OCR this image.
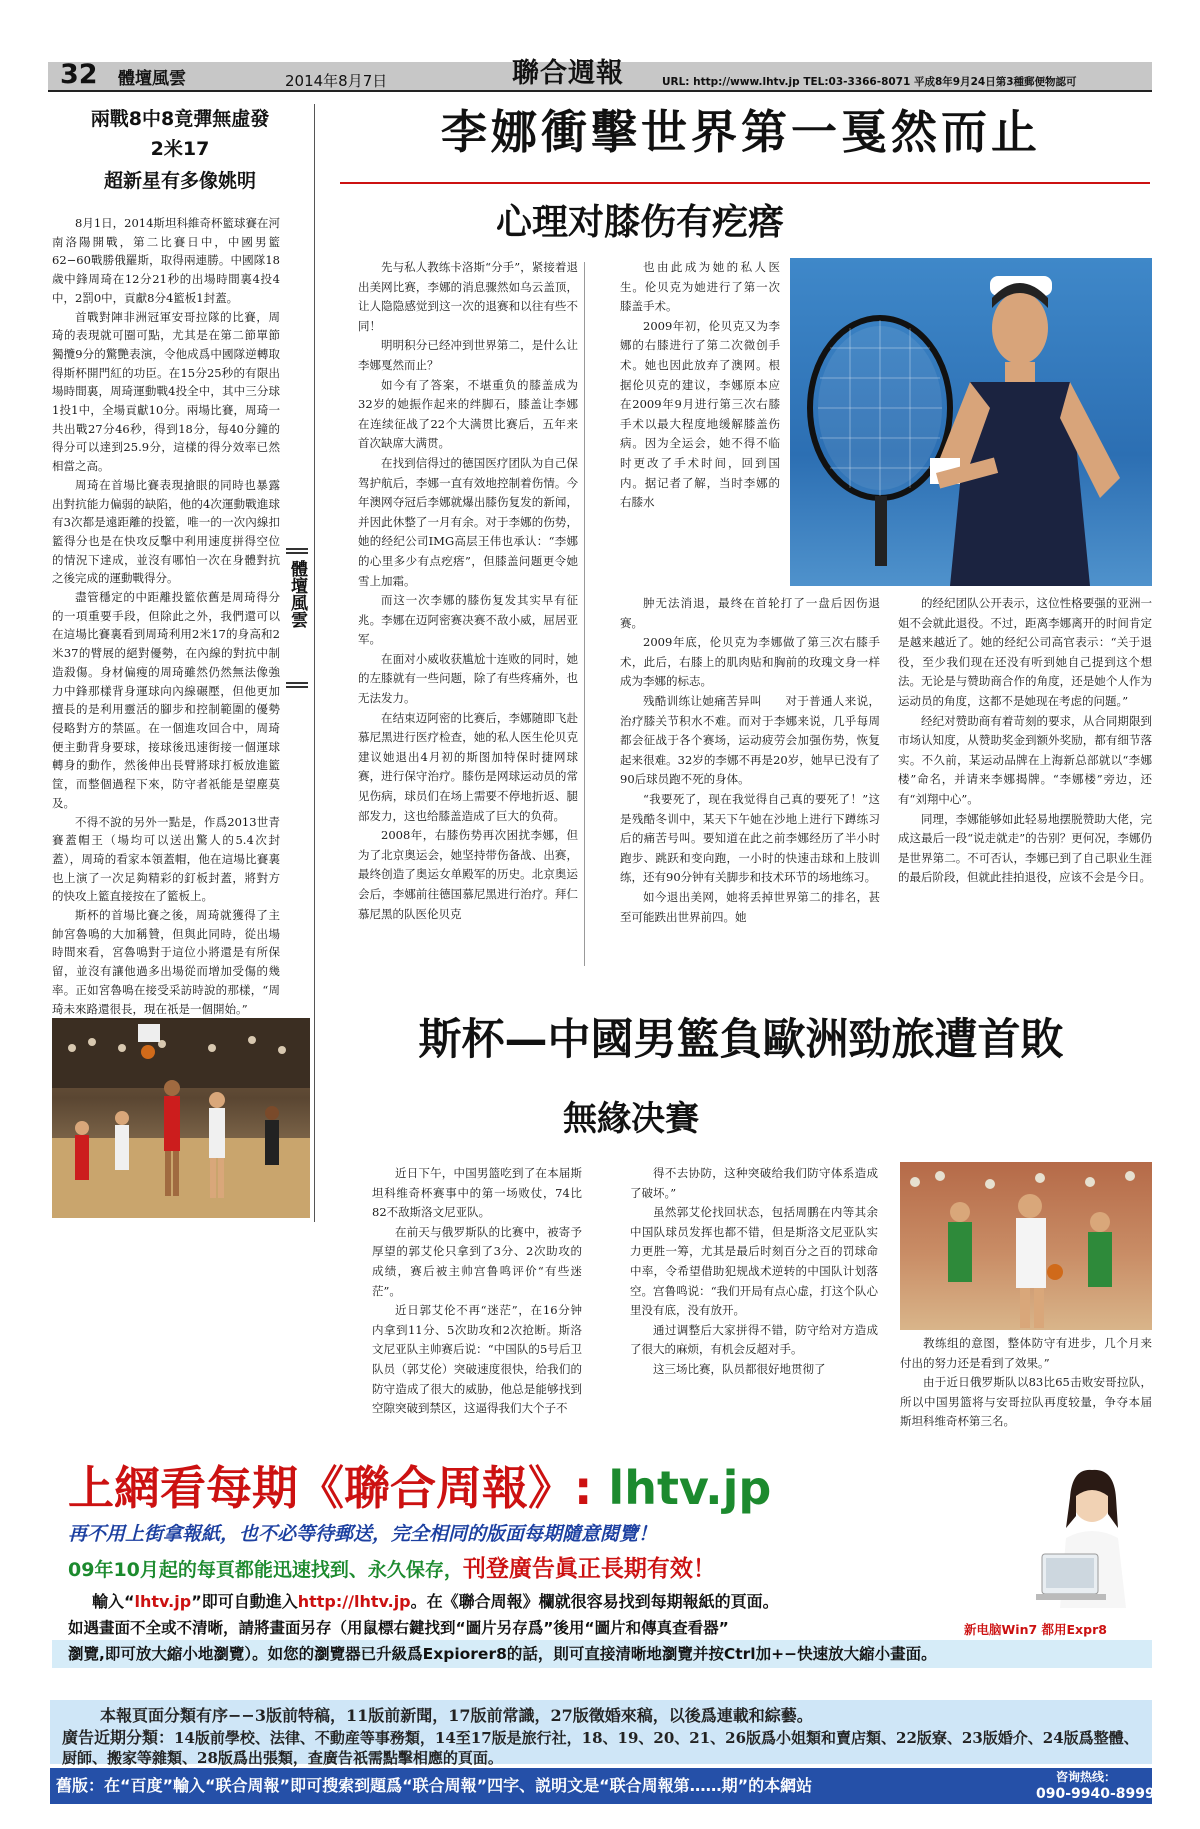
32 體壇風雲	2014年8月7日	聯合週報	URL: http://www.lhtv.jp TEL:03-3366-8071 平成8年9月24日第3種郵便物認可
兩戰8中8竟彈無虛發
2米17
超新星有多像姚明

8月1日，2014斯坦科維奇杯籃球賽在河南洛陽開戰，第二比賽日中，中國男籃62−60戰勝俄羅斯，取得兩連勝。中國隊18歲中鋒周琦在12分21秒的出場時間裏4投4中，2罰0中，貢獻8分4籃板1封蓋。

首戰對陣非洲冠軍安哥拉隊的比賽，周琦的表現就可圈可點，尤其是在第二節單節獨攬9分的驚艷表演，令他成爲中國隊逆轉取得斯杯開門紅的功臣。在15分25秒的有限出場時間裏，周琦運動戰4投全中，其中三分球1投1中，全場貢獻10分。兩場比賽，周琦一共出戰27分46秒，得到18分，每40分鐘的得分可以達到25.9分，這樣的得分效率已然相當之高。

周琦在首場比賽表現搶眼的同時也暴露出對抗能力偏弱的缺陷，他的4次運動戰進球有3次都是遠距離的投籃，唯一的一次內線扣籃得分也是在快攻反擊中利用速度拼得空位的情況下達成，並沒有哪怕一次在身體對抗之後完成的運動戰得分。

盡管穩定的中距離投籃依舊是周琦得分的一項重要手段，但除此之外，我們還可以在這場比賽裏看到周琦利用2米17的身高和2米37的臂展的絕對優勢，在內線的對抗中制造殺傷。身材偏瘦的周琦雖然仍然無法像強力中鋒那樣背身運球向內線碾壓，但他更加擅長的是利用靈活的腳步和控制範圍的優勢侵略對方的禁區。在一個進攻回合中，周琦便主動背身要球，接球後迅速街接一個運球轉身的動作，然後伸出長臂將球打板放進籃筐，而整個過程下來，防守者祇能是望塵莫及。

不得不說的另外一點是，作爲2013世青賽蓋帽王（場均可以送出驚人的5.4次封蓋），周琦的看家本領蓋帽，他在這場比賽裏也上演了一次足夠精彩的釘板封蓋，將對方的快攻上籃直接按在了籃板上。

斯杯的首場比賽之後，周琦就獲得了主帥宮魯鳴的大加稱贊，但與此同時，從出場時間來看，宮魯鳴對于這位小將還是有所保留，並沒有讓他過多出場從而增加受傷的幾率。正如宮魯鳴在接受采訪時說的那樣，“周琦未來路還很長，現在祇是一個開始。”

體壇風雲
李娜衝擊世界第一戛然而止
心理对膝伤有疙瘩

先与私人教练卡洛斯“分手”，紧接着退出美网比赛，李娜的消息骤然如乌云盖顶，让人隐隐感觉到这一次的退赛和以往有些不同！

明明积分已经冲到世界第二，是什么让李娜戛然而止？

如今有了答案，不堪重负的膝盖成为32岁的她振作起来的绊脚石，膝盖让李娜在连续征战了22个大满贯比赛后，五年来首次缺席大满贯。

在找到信得过的德国医疗团队为自己保驾护航后，李娜一直有效地控制着伤情。今年澳网夺冠后李娜就爆出膝伤复发的新闻，并因此休整了一月有余。对于李娜的伤势，她的经纪公司IMG高层王伟也承认：“李娜的心里多少有点疙瘩”，但膝盖问题更令她雪上加霜。

而这一次李娜的膝伤复发其实早有征兆。李娜在迈阿密赛决赛不敌小威，屈居亚军。

在面对小威收获尴尬十连败的同时，她的左膝就有一些问题，除了有些疼痛外，也无法发力。

在结束迈阿密的比赛后，李娜随即飞赴慕尼黑进行医疗检查，她的私人医生伦贝克建议她退出4月初的斯图加特保时捷网球赛，进行保守治疗。膝伤是网球运动员的常见伤病，球员们在场上需要不停地折返、腿部发力，这也给膝盖造成了巨大的负荷。

2008年，右膝伤势再次困扰李娜，但为了北京奥运会，她坚持带伤备战、出赛，最终创造了奥运女单殿军的历史。北京奥运会后，李娜前往德国慕尼黑进行治疗。拜仁慕尼黑的队医伦贝克

也由此成为她的私人医生。伦贝克为她进行了第一次膝盖手术。

2009年初，伦贝克又为李娜的右膝进行了第二次微创手术。她也因此放弃了澳网。根据伦贝克的建议，李娜原本应在2009年9月进行第三次右膝手术以最大程度地缓解膝盖伤病。因为全运会，她不得不临时更改了手术时间，回到国内。据记者了解，当时李娜的右膝水

肿无法消退，最终在首轮打了一盘后因伤退赛。

2009年底，伦贝克为李娜做了第三次右膝手术，此后，右膝上的肌肉贴和胸前的玫瑰文身一样成为李娜的标志。

残酷训练让她痛苦异叫　　对于普通人来说，治疗膝关节积水不难。而对于李娜来说，几乎每周都会征战于各个赛场，运动疲劳会加强伤势，恢复起来很难。32岁的李娜不再是20岁，她早已没有了90后球员跑不死的身体。

“我要死了，现在我觉得自己真的要死了！”这是残酷冬训中，某天下午她在沙地上进行下蹲练习后的痛苦号叫。要知道在此之前李娜经历了半小时跑步、跳跃和变向跑，一小时的快速击球和上肢训练，还有90分钟有关脚步和技术环节的场地练习。

如今退出美网，她将丢掉世界第二的排名，甚至可能跌出世界前四。她

的经纪团队公开表示，这位性格要强的亚洲一姐不会就此退役。不过，距离李娜离开的时间肯定是越来越近了。她的经纪公司高官表示：“关于退役，至少我们现在还没有听到她自己提到这个想法。无论是与赞助商合作的角度，还是她个人作为运动员的角度，这都不是她现在考虑的问题。”

经纪对赞助商有着苛刻的要求，从合同期限到市场认知度，从赞助奖金到额外奖励，都有细节落实。不久前，某运动品牌在上海新总部就以“李娜楼”命名，并请来李娜揭牌。“李娜楼”旁边，还有“刘翔中心”。

同理，李娜能够如此轻易地摆脱赞助大佬，完成这最后一段“说走就走”的告别？更何况，李娜仍是世界第二。不可否认，李娜已到了自己职业生涯的最后阶段，但就此挂拍退役，应该不会是今日。

斯杯—中國男籃負歐洲勁旅遭首敗
無緣决賽

近日下午，中国男篮吃到了在本届斯坦科维奇杯赛事中的第一场败仗，74比82不敌斯洛文尼亚队。

在前天与俄罗斯队的比赛中，被寄予厚望的郭艾伦只拿到了3分、2次助攻的成绩，赛后被主帅宫鲁鸣评价“有些迷茫”。

近日郭艾伦不再“迷茫”，在16分钟内拿到11分、5次助攻和2次抢断。斯洛文尼亚队主帅赛后说：“中国队的5号后卫队员（郭艾伦）突破速度很快，给我们的防守造成了很大的威胁，他总是能够找到空隙突破到禁区，这逼得我们大个子不

得不去协防，这种突破给我们防守体系造成了破坏。”

虽然郭艾伦找回状态，包括周鹏在内等其余中国队球员发挥也都不错，但是斯洛文尼亚队实力更胜一筹，尤其是最后时刻百分之百的罚球命中率，令希望借助犯规战术逆转的中国队计划落空。宫鲁鸣说：“我们开局有点心虚，打这个队心里没有底，没有放开。

通过调整后大家拼得不错，防守给对方造成了很大的麻烦，有机会反超对手。

这三场比赛，队员都很好地贯彻了

教练组的意图，整体防守有进步，几个月来付出的努力还是看到了效果。”

由于近日俄罗斯队以83比65击败安哥拉队，所以中国男篮将与安哥拉队再度较量，争夺本届斯坦科维奇杯第三名。

上網看每期《聯合周報》: lhtv.jp
再不用上街拿報紙，也不必等待郵送，完全相同的版面每期隨意閱覽！
09年10月起的每頁都能迅速找到、永久保存，刊登廣告眞正長期有效！
輸入“lhtv.jp”即可自動進入http://lhtv.jp。在《聯合周報》欄就很容易找到每期報紙的頁面。
如遇畫面不全或不清晰，請將畫面另存（用鼠標右鍵找到“圖片另存爲”後用“圖片和傳真查看器”	新电脑Win7 都用Expr8
瀏覽,即可放大縮小地瀏覽）。如您的瀏覽器已升級爲Expiorer8的話，則可直接清晰地瀏覽并按Ctrl加+−快速放大縮小畫面。
本報頁面分類有序−−3版前特稿，11版前新聞，17版前常識，27版徵婚來稿，以後爲連載和綜藝。
廣告近期分類：14版前學校、法律、不動産等事務類，14至17版是旅行社，18、19、20、21、26版爲小姐類和賣店類、22版寮、23版婚介、24版爲整體、厨師、搬家等雜類、28版爲出張類，查廣告祇需點擊相應的頁面。
舊版：在“百度”輸入“联合周報”即可搜索到題爲“联合周報”四字、説明文是“联合周報第……期”的本網站	咨询热线：
090-9940-8999
